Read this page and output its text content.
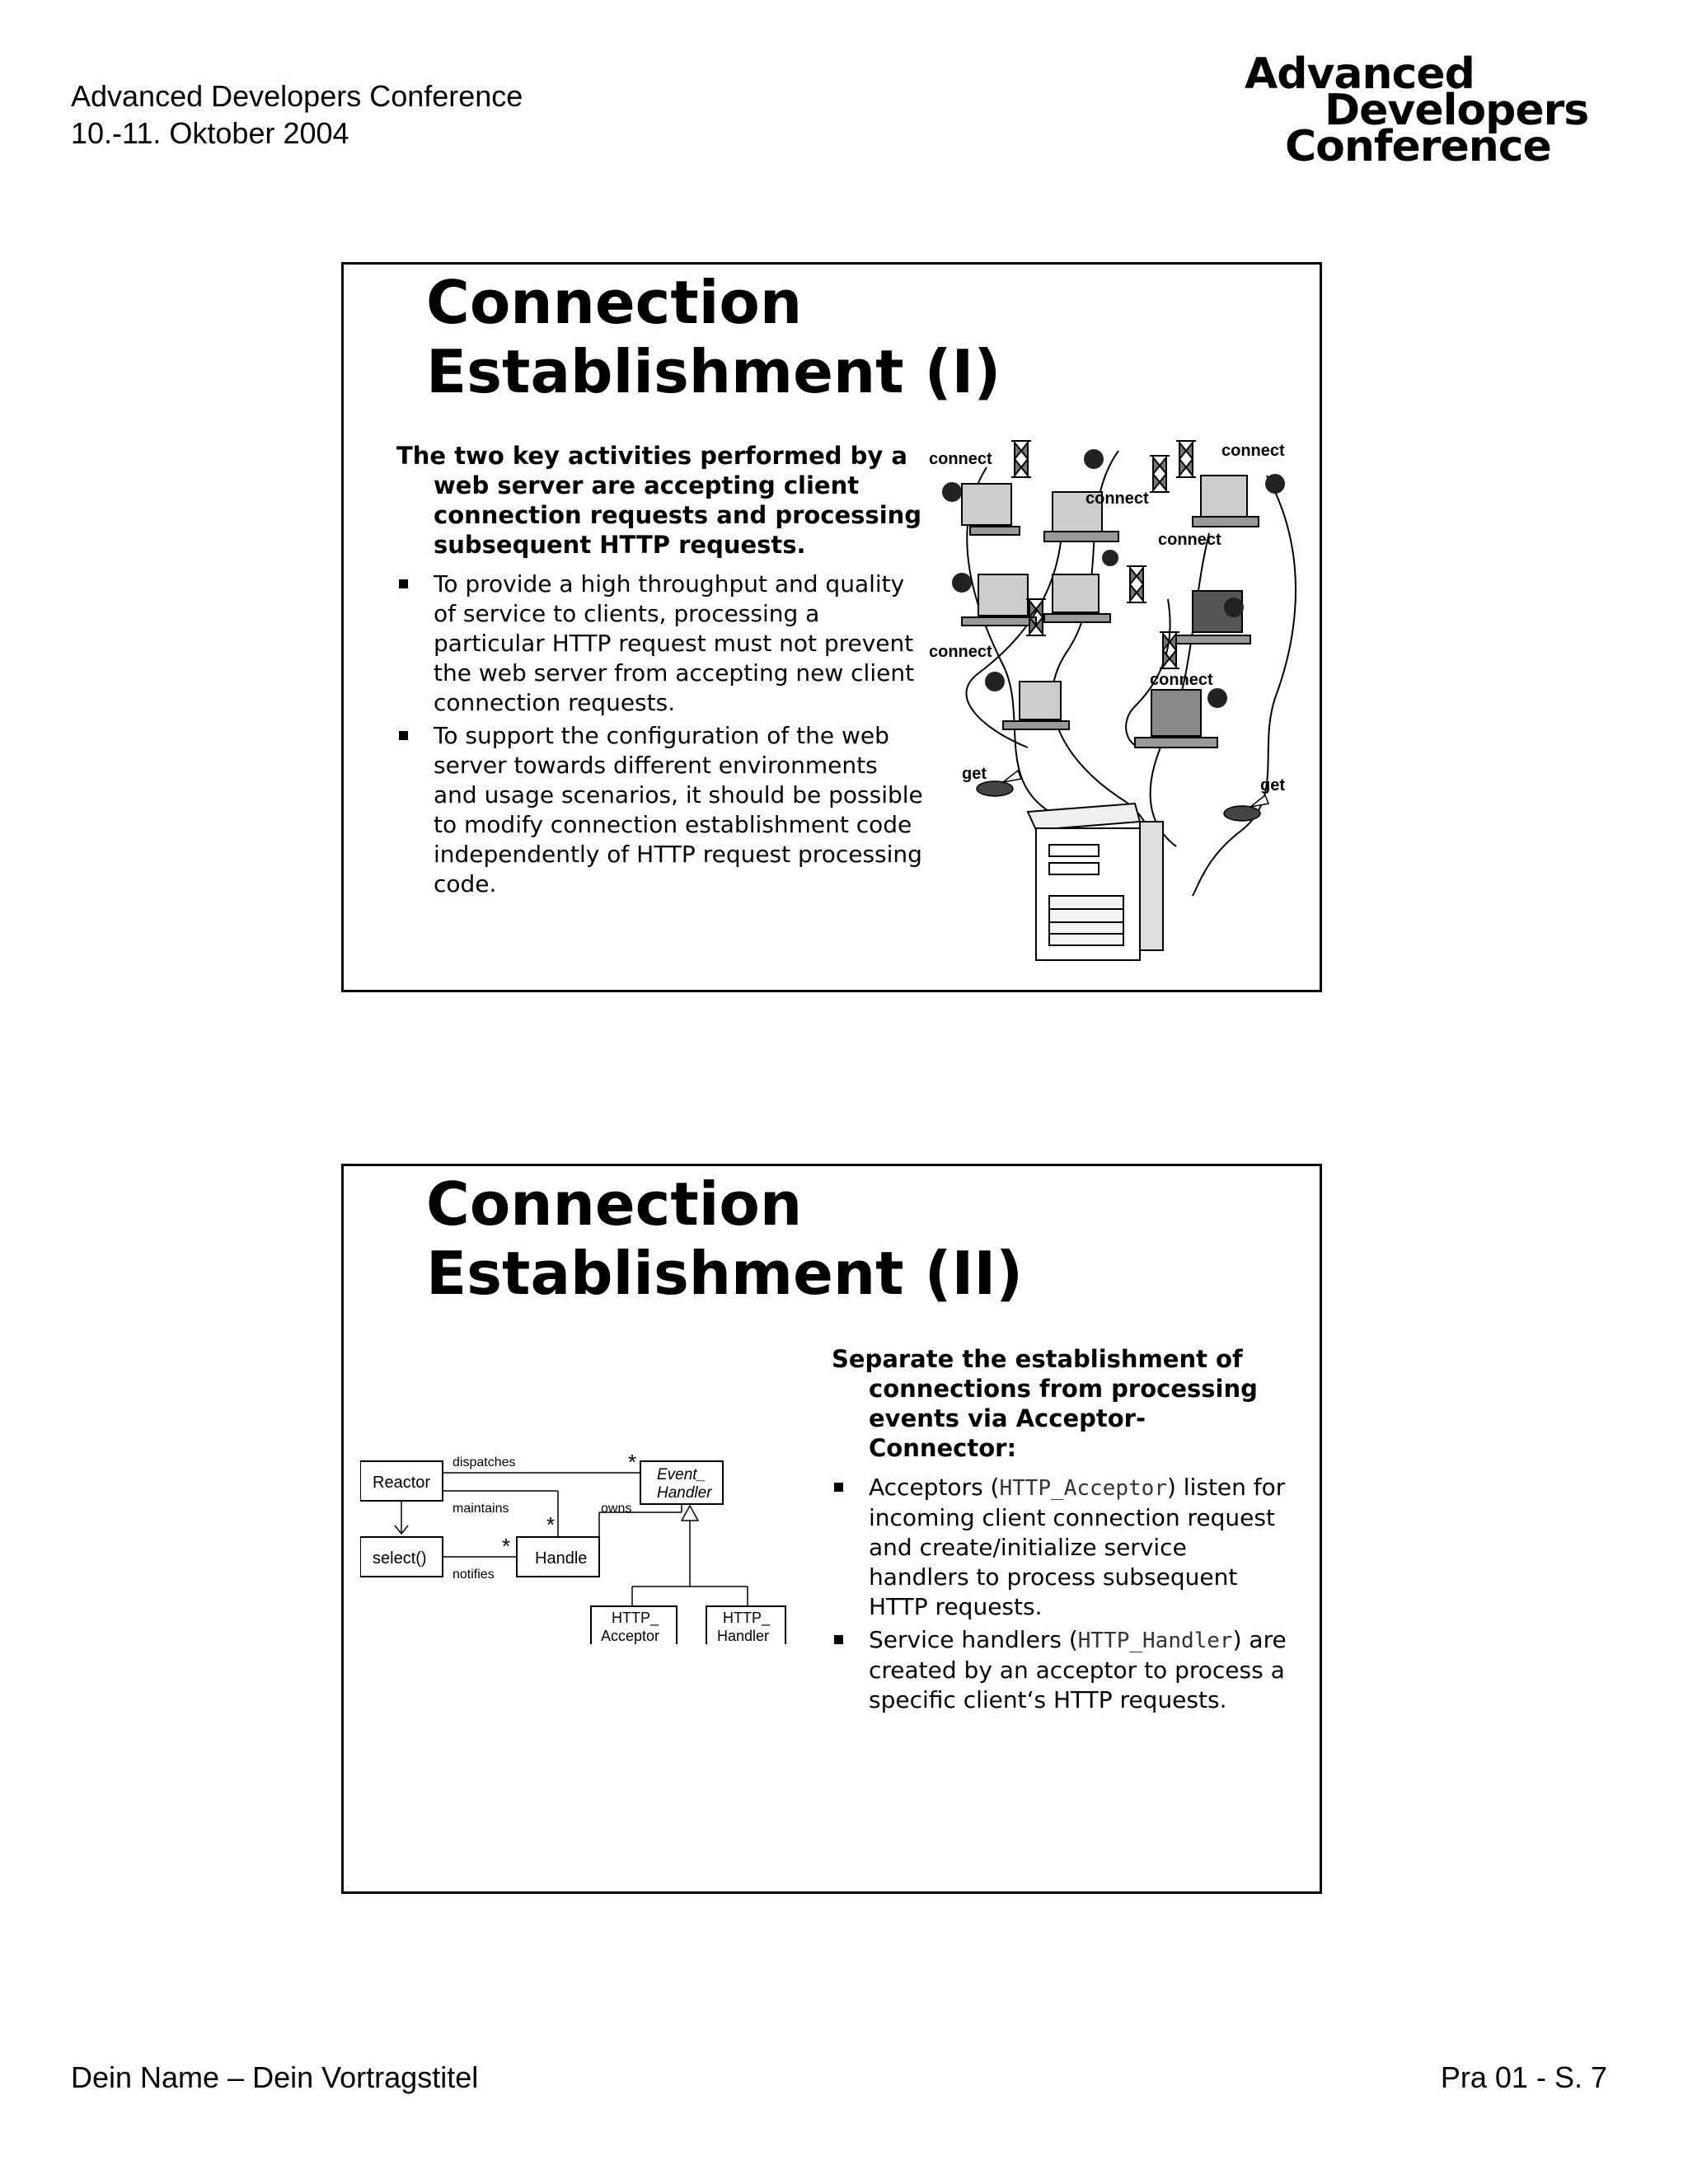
Advanced Developers Conference
10.-11. Oktober 2004
Advanced
Developers
Conference
Connection Establishment (I)

The two key activities performed by a web server are accepting client connection requests and processing subsequent HTTP requests.

To provide a high throughput and quality of service to clients, processing a particular HTTP request must not prevent the web server from accepting new client connection requests.
To support the configuration of the web server towards different environments and usage scenarios, it should be possible to modify connection establishment code independently of HTTP request processing code.
connect	connect
connect
connect
connect
connect
get
get
Connection Establishment (II)
Reactor
select()	Handle
Event_
Handler
HTTP_
Acceptor
HTTP_
Handler
dispatches
maintains
notifies
owns
*
*
*

Separate the establishment of connections from processing events via Acceptor-Connector:

Acceptors (HTTP_Acceptor) listen for incoming client connection request and create/initialize service handlers to process subsequent HTTP requests.
Service handlers (HTTP_Handler) are created by an acceptor to process a specific client‘s HTTP requests.
Dein Name – Dein Vortragstitel	Pra 01 - S. 7
